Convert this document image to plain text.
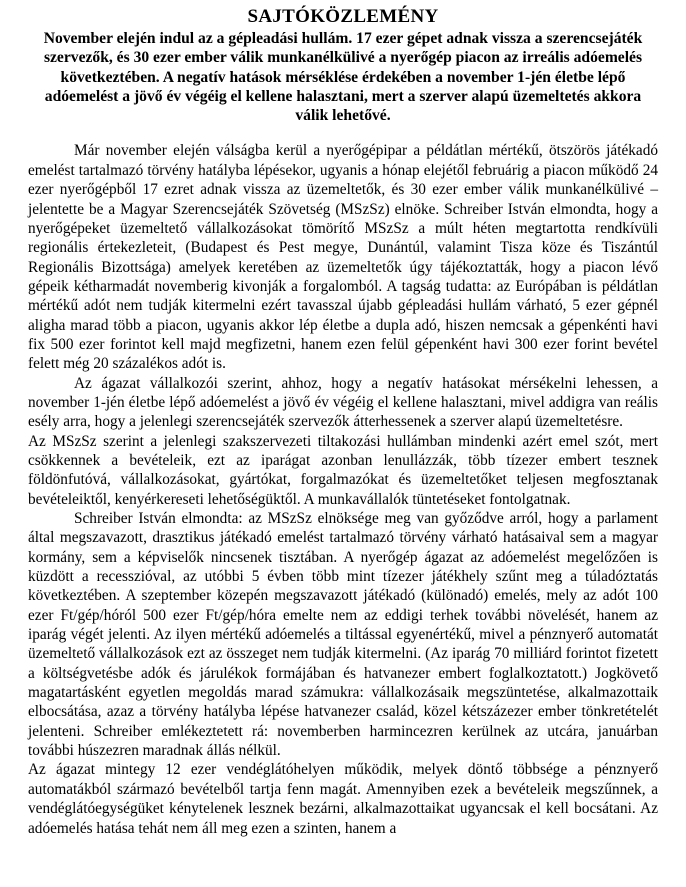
SAJTÓKÖZLEMÉNY

November elején indul az a gépleadási hullám. 17 ezer gépet adnak vissza a szerencsejáték szervezők, és 30 ezer ember válik munkanélkülivé a nyerőgép piacon az irreális adóemelés következtében. A negatív hatások mérséklése érdekében a november 1-jén életbe lépő adóemelést a jövő év végéig el kellene halasztani, mert a szerver alapú üzemeltetés akkora válik lehetővé.

Már november elején válságba kerül a nyerőgépipar a példátlan mértékű, ötszörös játékadó emelést tartalmazó törvény hatályba lépésekor, ugyanis a hónap elejétől februárig a piacon működő 24 ezer nyerőgépből 17 ezret adnak vissza az üzemeltetők, és 30 ezer ember válik munkanélkülivé – jelentette be a Magyar Szerencsejáték Szövetség (MSzSz) elnöke. Schreiber István elmondta, hogy a nyerőgépeket üzemeltető vállalkozásokat tömörítő MSzSz a múlt héten megtartotta rendkívüli regionális értekezleteit, (Budapest és Pest megye, Dunántúl, valamint Tisza köze és Tiszántúl Regionális Bizottsága) amelyek keretében az üzemeltetők úgy tájékoztatták, hogy a piacon lévő gépeik kétharmadát novemberig kivonják a forgalomból. A tagság tudatta: az Európában is példátlan mértékű adót nem tudják kitermelni ezért tavasszal újabb gépleadási hullám várható, 5 ezer gépnél aligha marad több a piacon, ugyanis akkor lép életbe a dupla adó, hiszen nemcsak a gépenkénti havi fix 500 ezer forintot kell majd megfizetni, hanem ezen felül gépenként havi 300 ezer forint bevétel felett még 20 százalékos adót is.

Az ágazat vállalkozói szerint, ahhoz, hogy a negatív hatásokat mérsékelni lehessen, a november 1-jén életbe lépő adóemelést a jövő év végéig el kellene halasztani, mivel addigra van reális esély arra, hogy a jelenlegi szerencsejáték szervezők átterhessenek a szerver alapú üzemeltetésre.

Az MSzSz szerint a jelenlegi szakszervezeti tiltakozási hullámban mindenki azért emel szót, mert csökkennek a bevételeik, ezt az iparágat azonban lenullázzák, több tízezer embert tesznek földönfutóvá, vállalkozásokat, gyártókat, forgalmazókat és üzemeltetőket teljesen megfosztanak bevételeiktől, kenyérkereseti lehetőségüktől. A munkavállalók tüntetéseket fontolgatnak.

Schreiber István elmondta: az MSzSz elnöksége meg van győződve arról, hogy a parlament által megszavazott, drasztikus játékadó emelést tartalmazó törvény várható hatásaival sem a magyar kormány, sem a képviselők nincsenek tisztában. A nyerőgép ágazat az adóemelést megelőzően is küzdött a recesszióval, az utóbbi 5 évben több mint tízezer játékhely szűnt meg a túladóztatás következtében. A szeptember közepén megszavazott játékadó (különadó) emelés, mely az adót 100 ezer Ft/gép/hóról 500 ezer Ft/gép/hóra emelte nem az eddigi terhek további növelését, hanem az iparág végét jelenti. Az ilyen mértékű adóemelés a tiltással egyenértékű, mivel a pénznyerő automatát üzemeltető vállalkozások ezt az összeget nem tudják kitermelni. (Az iparág 70 milliárd forintot fizetett a költségvetésbe adók és járulékok formájában és hatvanezer embert foglalkoztatott.) Jogkövető magatartásként egyetlen megoldás marad számukra: vállalkozásaik megszüntetése, alkalmazottaik elbocsátása, azaz a törvény hatályba lépése hatvanezer család, közel kétszázezer ember tönkretételét jelenteni. Schreiber emlékeztetett rá: novemberben harmincezren kerülnek az utcára, januárban további húszezren maradnak állás nélkül.

Az ágazat mintegy 12 ezer vendéglátóhelyen működik, melyek döntő többsége a pénznyerő automatákból származó bevételből tartja fenn magát. Amennyiben ezek a bevételeik megszűnnek, a vendéglátóegységüket kénytelenek lesznek bezárni, alkalmazottaikat ugyancsak el kell bocsátani. Az adóemelés hatása tehát nem áll meg ezen a szinten, hanem a
